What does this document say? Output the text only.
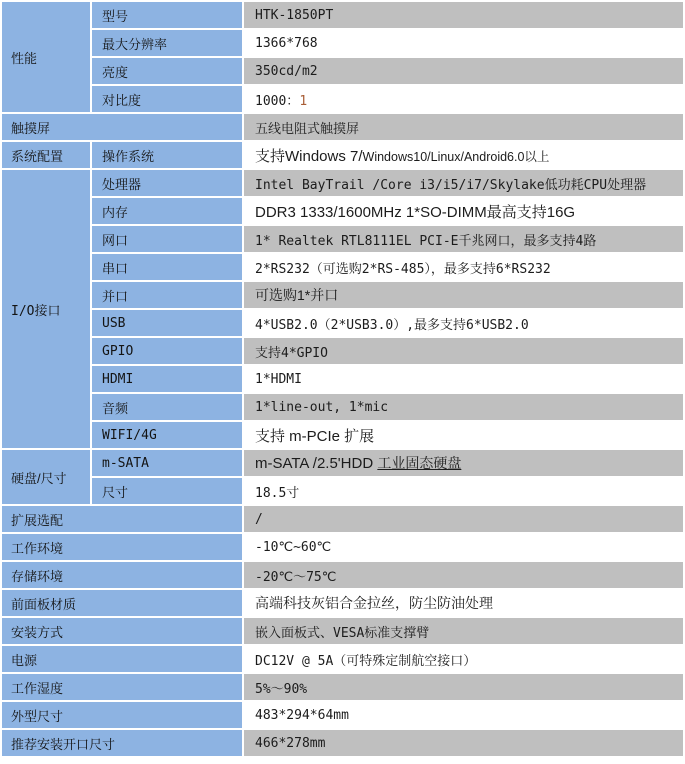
性能	型号	HTK-1850PT
	最大分辨率	1366*768
	亮度	350cd/m2
	对比度	1000：1
触摸屏		五线电阻式触摸屏
系统配置	操作系统	支持Windows 7/Windows10/Linux/Android6.0以上
I/O接口	处理器	Intel BayTrail /Core i3/i5/i7/Skylake低功耗CPU处理器
	内存	DDR3 1333/1600MHz 1*SO-DIMM最高支持16G
	网口	1* Realtek RTL8111EL PCI-E千兆网口，最多支持4路
	串口	2*RS232（可选购2*RS-485），最多支持6*RS232
	并口	可选购1*并口
	USB	4*USB2.0（2*USB3.0）,最多支持6*USB2.0
	GPIO	支持4*GPIO
	HDMI	1*HDMI
	音频	1*line-out, 1*mic
	WIFI/4G	支持 m-PCIe 扩展
硬盘/尺寸	m-SATA	m-SATA /2.5'HDD 工业固态硬盘
	尺寸	18.5寸
扩展选配		/
工作环境		-10℃~60℃
存储环境		-20℃～75℃
前面板材质		高端科技灰铝合金拉丝，防尘防油处理
安装方式		嵌入面板式、VESA标准支撑臂
电源		DC12V @ 5A（可特殊定制航空接口）
工作湿度		5%～90%
外型尺寸		483*294*64mm
推荐安装开口尺寸		466*278mm
